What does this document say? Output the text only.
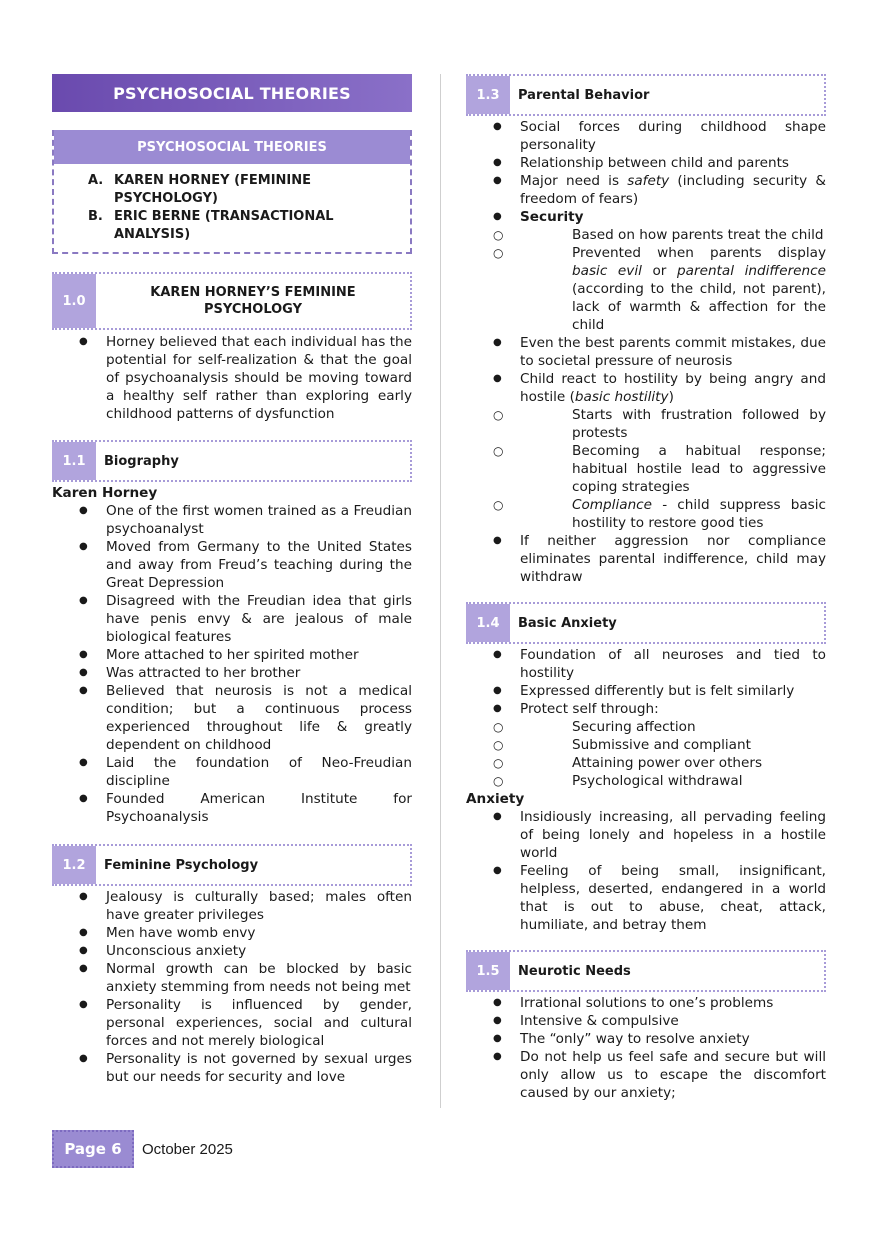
PSYCHOSOCIAL THEORIES
PSYCHOSOCIAL THEORIES
A. KAREN HORNEY (FEMININE PSYCHOLOGY)
B. ERIC BERNE (TRANSACTIONAL ANALYSIS)
1.0
KAREN HORNEY’S FEMININE PSYCHOLOGY
● Horney believed that each individual has the potential for self-realization & that the goal of psychoanalysis should be moving toward a healthy self rather than exploring early childhood patterns of dysfunction
1.1	Biography
Karen Horney
● One of the first women trained as a Freudian psychoanalyst
● Moved from Germany to the United States and away from Freud’s teaching during the Great Depression
● Disagreed with the Freudian idea that girls have penis envy & are jealous of male biological features
● More attached to her spirited mother
● Was attracted to her brother
● Believed that neurosis is not a medical condition; but a continuous process experienced throughout life & greatly dependent on childhood
● Laid the foundation of Neo-Freudian discipline
● Founded American Institute for Psychoanalysis
1.2	Feminine Psychology
● Jealousy is culturally based; males often have greater privileges
● Men have womb envy
● Unconscious anxiety
● Normal growth can be blocked by basic anxiety stemming from needs not being met
● Personality is influenced by gender, personal experiences, social and cultural forces and not merely biological
● Personality is not governed by sexual urges but our needs for security and love
1.3	Parental Behavior
● Social forces during childhood shape personality
● Relationship between child and parents
● Major need is safety (including security & freedom of fears)
● Security
○ Based on how parents treat the child
○ Prevented when parents display basic evil or parental indifference (according to the child, not parent), lack of warmth & affection for the child
● Even the best parents commit mistakes, due to societal pressure of neurosis
● Child react to hostility by being angry and hostile (basic hostility)
○ Starts with frustration followed by protests
○ Becoming a habitual response; habitual hostile lead to aggressive coping strategies
○ Compliance - child suppress basic hostility to restore good ties
● If neither aggression nor compliance eliminates parental indifference, child may withdraw
1.4	Basic Anxiety
● Foundation of all neuroses and tied to hostility
● Expressed differently but is felt similarly
● Protect self through:
○ Securing affection
○ Submissive and compliant
○ Attaining power over others
○ Psychological withdrawal
Anxiety
● Insidiously increasing, all pervading feeling of being lonely and hopeless in a hostile world
● Feeling of being small, insignificant, helpless, deserted, endangered in a world that is out to abuse, cheat, attack, humiliate, and betray them
1.5	Neurotic Needs
● Irrational solutions to one’s problems
● Intensive & compulsive
● The “only” way to resolve anxiety
● Do not help us feel safe and secure but will only allow us to escape the discomfort caused by our anxiety;
Page 6	October 2025
